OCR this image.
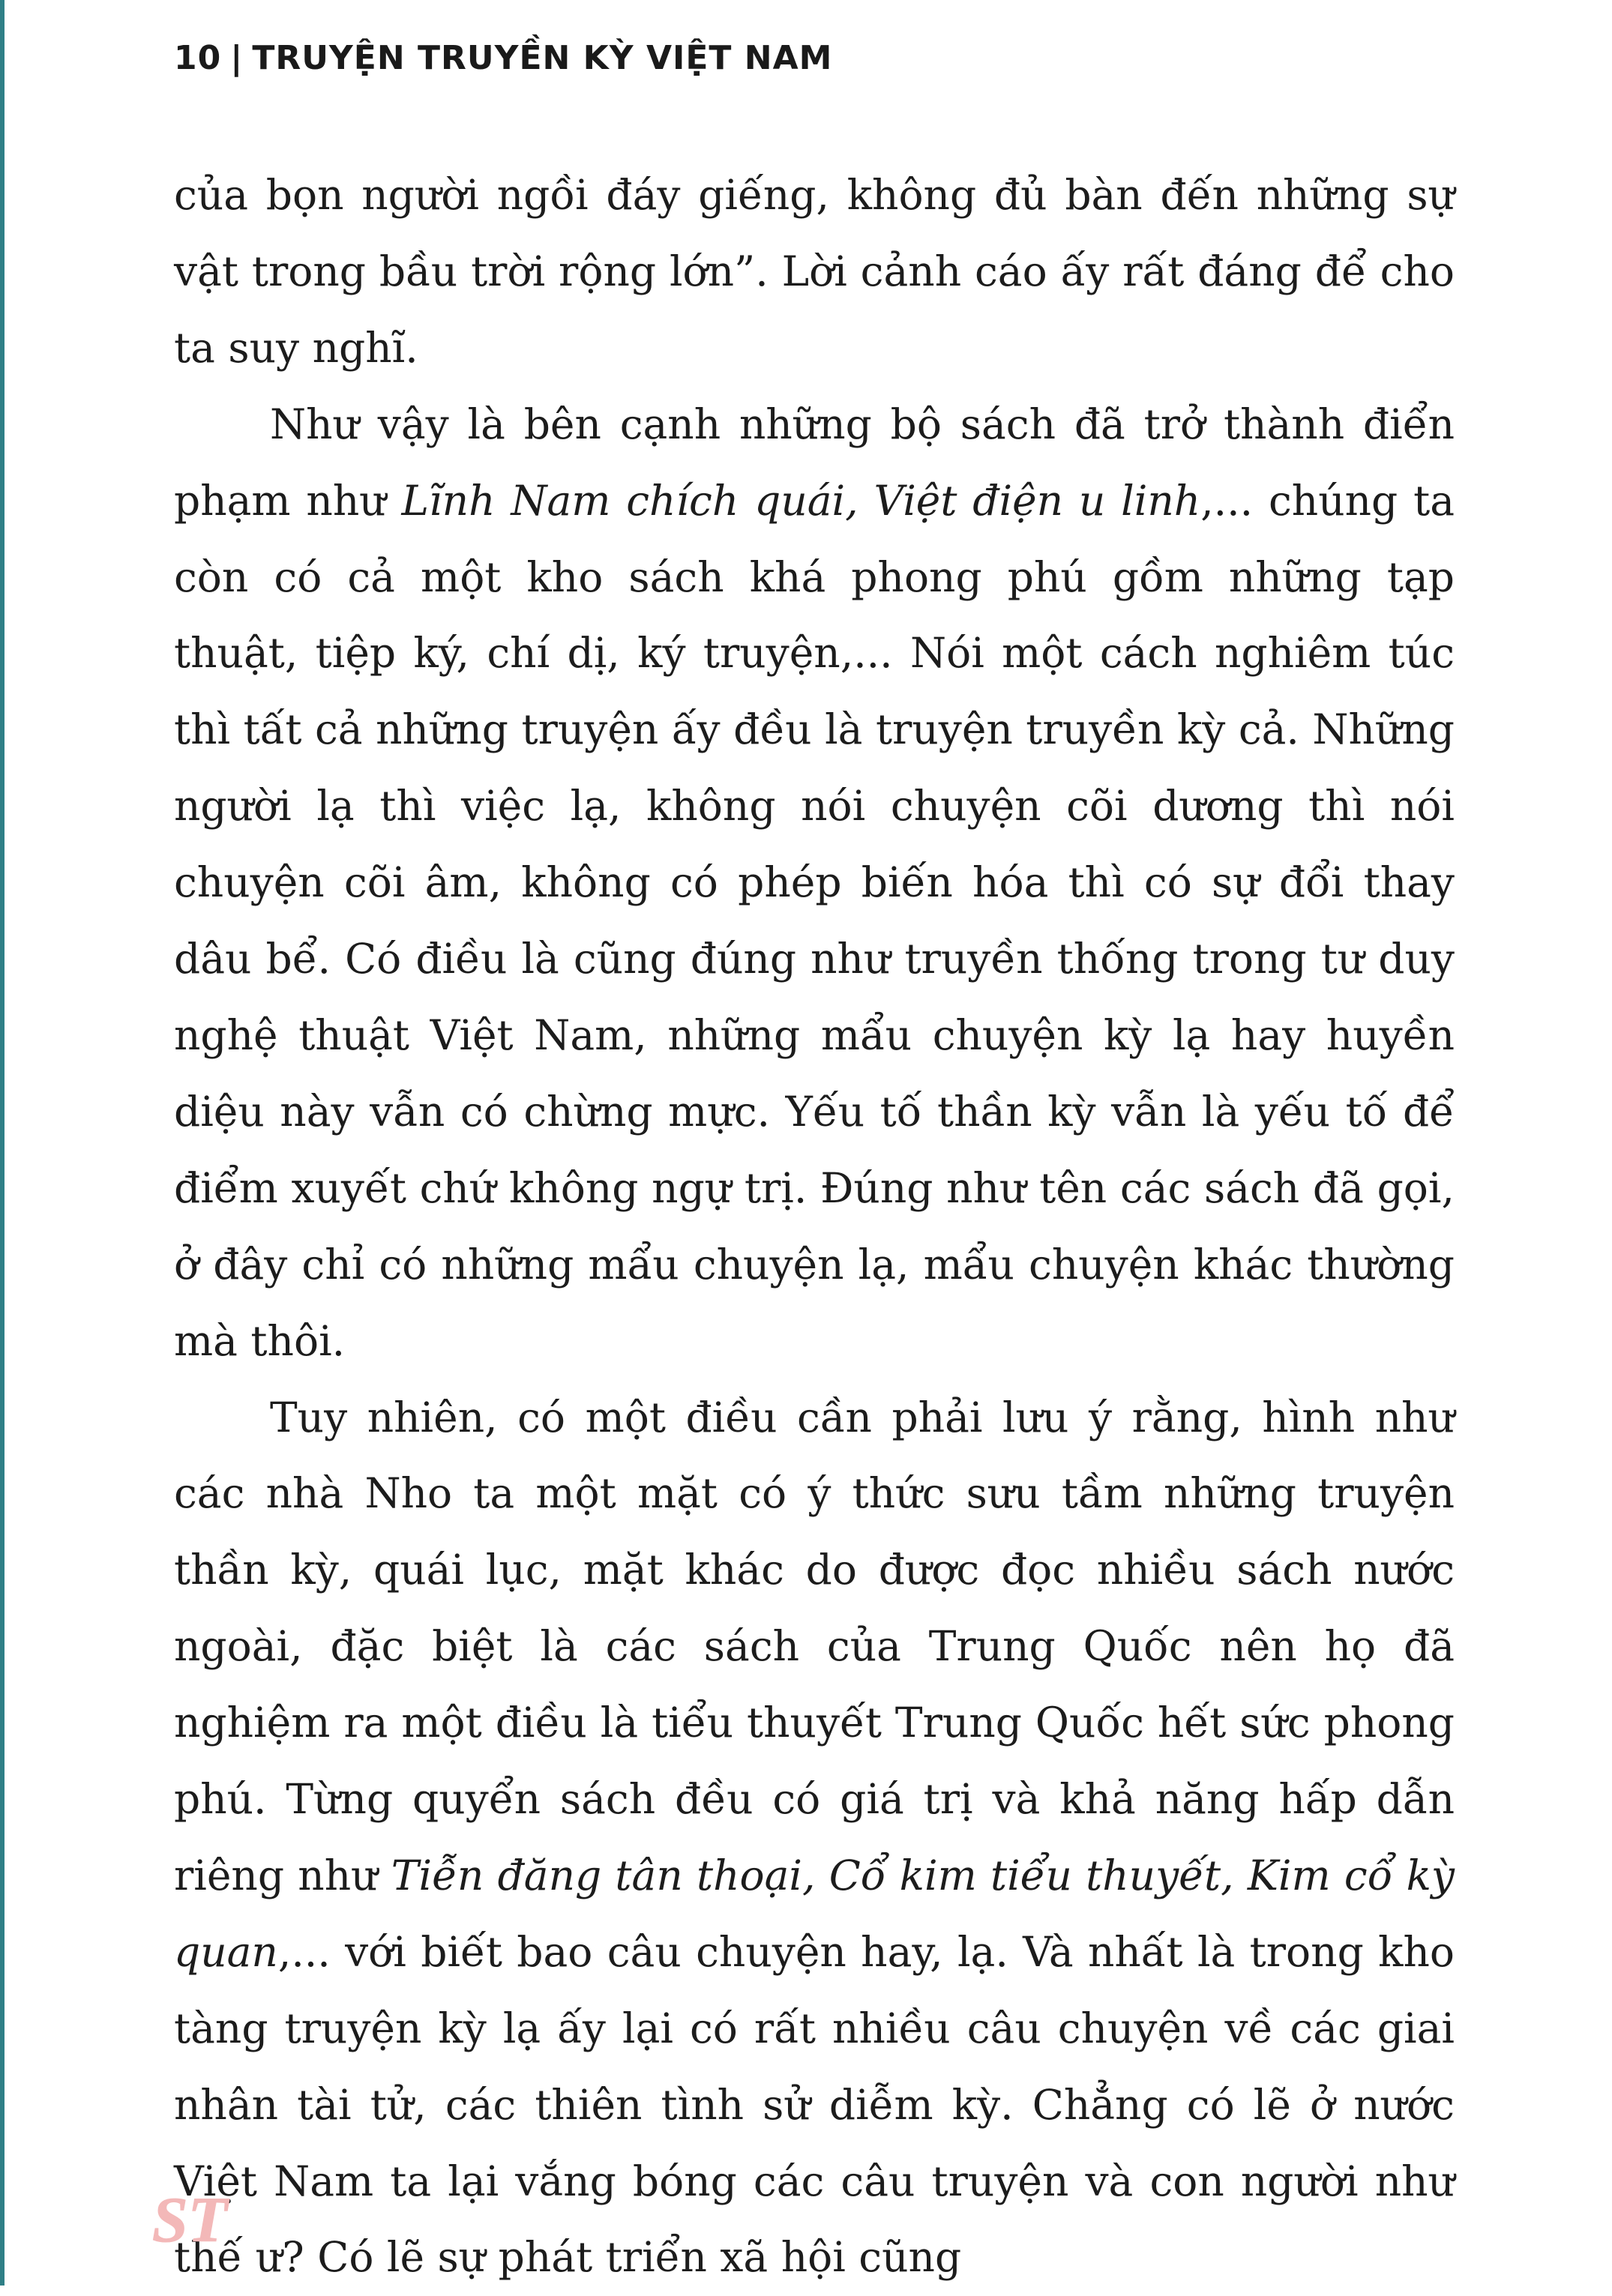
10 | TRUYỆN TRUYỀN KỲ VIỆT NAM

của bọn người ngồi đáy giếng, không đủ bàn đến những sự vật trong bầu trời rộng lớn”. Lời cảnh cáo ấy rất đáng để cho ta suy nghĩ.

Như vậy là bên cạnh những bộ sách đã trở thành điển phạm như Lĩnh Nam chích quái, Việt điện u linh,... chúng ta còn có cả một kho sách khá phong phú gồm những tạp thuật, tiệp ký, chí dị, ký truyện,... Nói một cách nghiêm túc thì tất cả những truyện ấy đều là truyện truyền kỳ cả. Những người lạ thì việc lạ, không nói chuyện cõi dương thì nói chuyện cõi âm, không có phép biến hóa thì có sự đổi thay dâu bể. Có điều là cũng đúng như truyền thống trong tư duy nghệ thuật Việt Nam, những mẩu chuyện kỳ lạ hay huyền diệu này vẫn có chừng mực. Yếu tố thần kỳ vẫn là yếu tố để điểm xuyết chứ không ngự trị. Đúng như tên các sách đã gọi, ở đây chỉ có những mẩu chuyện lạ, mẩu chuyện khác thường mà thôi.

Tuy nhiên, có một điều cần phải lưu ý rằng, hình như các nhà Nho ta một mặt có ý thức sưu tầm những truyện thần kỳ, quái lục, mặt khác do được đọc nhiều sách nước ngoài, đặc biệt là các sách của Trung Quốc nên họ đã nghiệm ra một điều là tiểu thuyết Trung Quốc hết sức phong phú. Từng quyển sách đều có giá trị và khả năng hấp dẫn riêng như Tiễn đăng tân thoại, Cổ kim tiểu thuyết, Kim cổ kỳ quan,... với biết bao câu chuyện hay, lạ. Và nhất là trong kho tàng truyện kỳ lạ ấy lại có rất nhiều câu chuyện về các giai nhân tài tử, các thiên tình sử diễm kỳ. Chẳng có lẽ ở nước Việt Nam ta lại vắng bóng các câu truyện và con người như thế ư? Có lẽ sự phát triển xã hội cũng

ST
